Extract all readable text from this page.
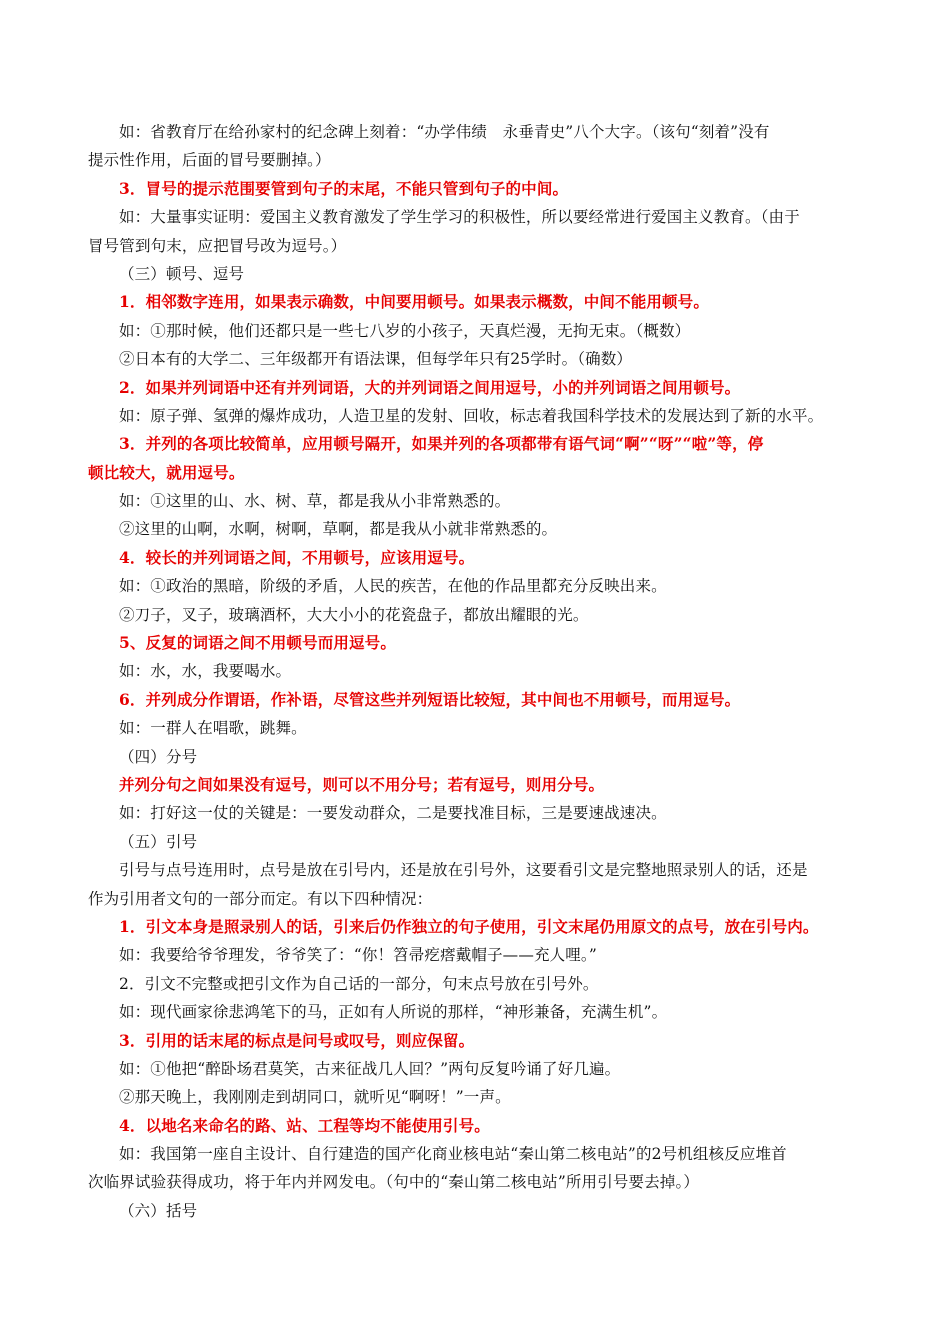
如：省教育厅在给孙家村的纪念碑上刻着：“办学伟绩　永垂青史”八个大字。（该句“刻着”没有
提示性作用，后面的冒号要删掉。）
3．冒号的提示范围要管到句子的末尾，不能只管到句子的中间。
如：大量事实证明：爱国主义教育激发了学生学习的积极性，所以要经常进行爱国主义教育。（由于
冒号管到句末，应把冒号改为逗号。）
（三）顿号、逗号
1．相邻数字连用，如果表示确数，中间要用顿号。如果表示概数，中间不能用顿号。
如：①那时候，他们还都只是一些七八岁的小孩子，天真烂漫，无拘无束。（概数）
②日本有的大学二、三年级都开有语法课，但每学年只有25学时。（确数）
2．如果并列词语中还有并列词语，大的并列词语之间用逗号，小的并列词语之间用顿号。
如：原子弹、氢弹的爆炸成功，人造卫星的发射、回收，标志着我国科学技术的发展达到了新的水平。
3．并列的各项比较简单，应用顿号隔开，如果并列的各项都带有语气词“啊”“呀”“啦”等，停
顿比较大，就用逗号。
如：①这里的山、水、树、草，都是我从小非常熟悉的。
②这里的山啊，水啊，树啊，草啊，都是我从小就非常熟悉的。
4．较长的并列词语之间，不用顿号，应该用逗号。
如：①政治的黑暗，阶级的矛盾，人民的疾苦，在他的作品里都充分反映出来。
②刀子，叉子，玻璃酒杯，大大小小的花瓷盘子，都放出耀眼的光。
5、反复的词语之间不用顿号而用逗号。
如：水，水，我要喝水。
6．并列成分作谓语，作补语，尽管这些并列短语比较短，其中间也不用顿号，而用逗号。
如：一群人在唱歌，跳舞。
（四）分号
并列分句之间如果没有逗号，则可以不用分号；若有逗号，则用分号。
如：打好这一仗的关键是：一要发动群众，二是要找准目标，三是要速战速决。
（五）引号
引号与点号连用时，点号是放在引号内，还是放在引号外，这要看引文是完整地照录别人的话，还是
作为引用者文句的一部分而定。有以下四种情况：
1．引文本身是照录别人的话，引来后仍作独立的句子使用，引文末尾仍用原文的点号，放在引号内。
如：我要给爷爷理发，爷爷笑了：“你！笤帚疙瘩戴帽子——充人哩。”
2．引文不完整或把引文作为自己话的一部分，句末点号放在引号外。
如：现代画家徐悲鸿笔下的马，正如有人所说的那样，“神形兼备，充满生机”。
3．引用的话末尾的标点是问号或叹号，则应保留。
如：①他把“醉卧场君莫笑，古来征战几人回？”两句反复吟诵了好几遍。
②那天晚上，我刚刚走到胡同口，就听见“啊呀！”一声。
4．以地名来命名的路、站、工程等均不能使用引号。
如：我国第一座自主设计、自行建造的国产化商业核电站“秦山第二核电站”的2号机组核反应堆首
次临界试验获得成功，将于年内并网发电。（句中的“秦山第二核电站”所用引号要去掉。）
（六）括号
